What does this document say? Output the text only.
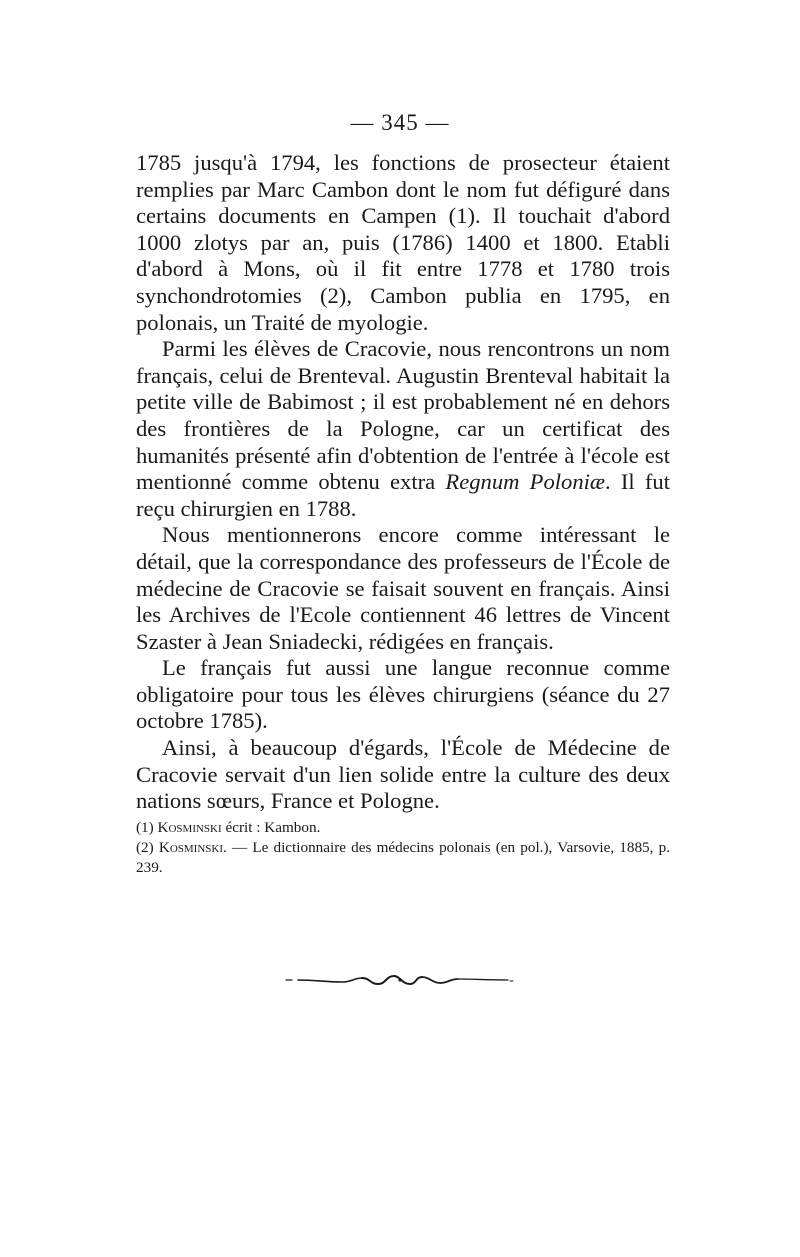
— 345 —

1785 jusqu'à 1794, les fonctions de prosecteur étaient remplies par Marc Cambon dont le nom fut défiguré dans certains documents en Campen (1). Il touchait d'abord 1000 zlotys par an, puis (1786) 1400 et 1800. Etabli d'abord à Mons, où il fit entre 1778 et 1780 trois synchondrotomies (2), Cambon publia en 1795, en polonais, un Traité de myologie.

Parmi les élèves de Cracovie, nous rencontrons un nom français, celui de Brenteval. Augustin Brenteval habitait la petite ville de Babimost ; il est probablement né en dehors des frontières de la Pologne, car un certificat des humanités présenté afin d'obtention de l'entrée à l'école est mentionné comme obtenu extra Regnum Poloniæ. Il fut reçu chirurgien en 1788.

Nous mentionnerons encore comme intéressant le détail, que la correspondance des professeurs de l'École de médecine de Cracovie se faisait souvent en français. Ainsi les Archives de l'Ecole contiennent 46 lettres de Vincent Szaster à Jean Sniadecki, rédigées en français.

Le français fut aussi une langue reconnue comme obligatoire pour tous les élèves chirurgiens (séance du 27 octobre 1785).

Ainsi, à beaucoup d'égards, l'École de Médecine de Cracovie servait d'un lien solide entre la culture des deux nations sœurs, France et Pologne.

(1) Kosminski écrit : Kambon.

(2) Kosminski. — Le dictionnaire des médecins polonais (en pol.), Varsovie, 1885, p. 239.
